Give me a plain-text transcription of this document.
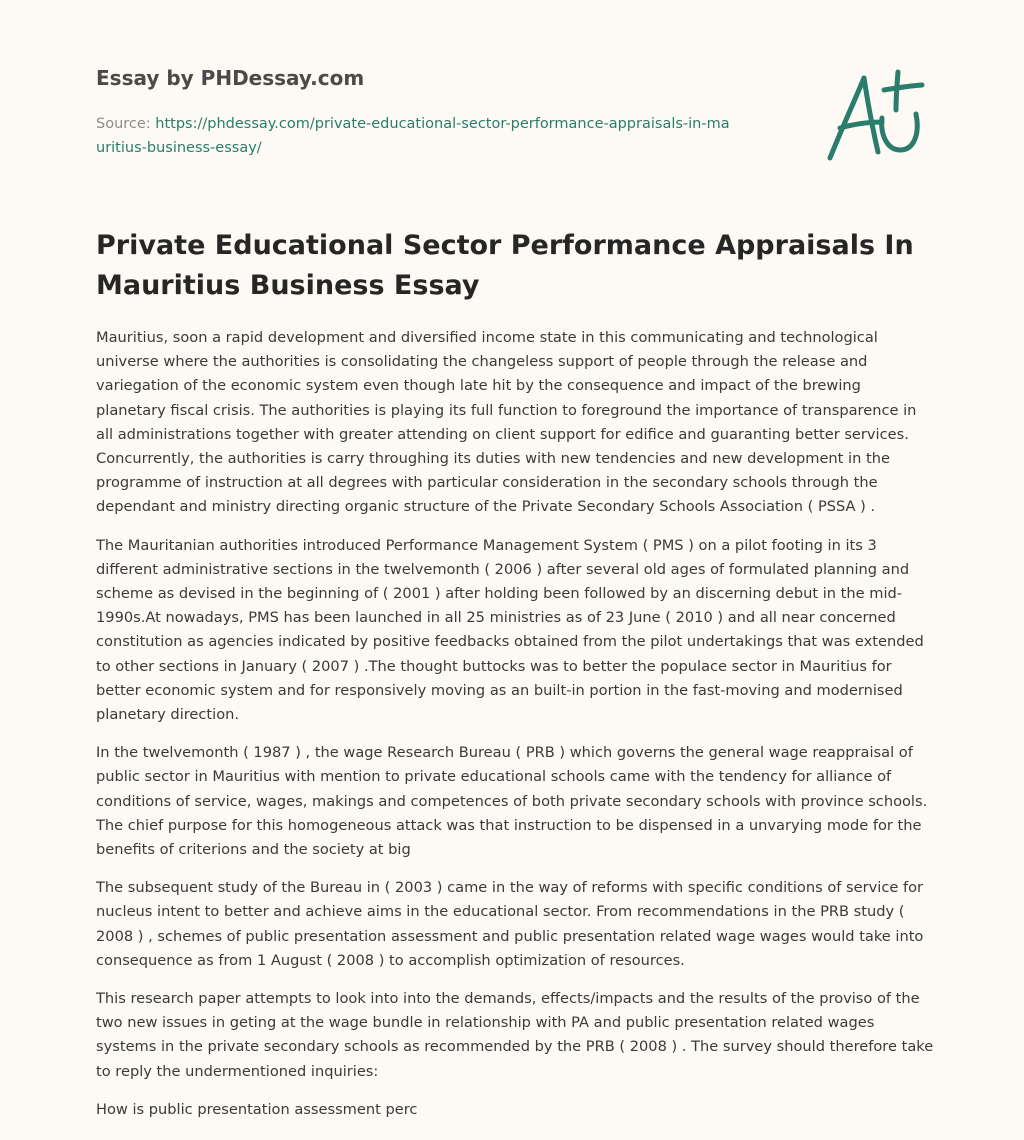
Essay by PHDessay.com
Source: https://phdessay.com/private-educational-sector-performance-appraisals-in-mauritius-business-essay/
Private Educational Sector Performance Appraisals In Mauritius Business Essay

Mauritius, soon a rapid development and diversified income state in this communicating and technological universe where the authorities is consolidating the changeless support of people through the release and variegation of the economic system even though late hit by the consequence and impact of the brewing planetary fiscal crisis. The authorities is playing its full function to foreground the importance of transparence in all administrations together with greater attending on client support for edifice and guaranting better services. Concurrently, the authorities is carry throughing its duties with new tendencies and new development in the programme of instruction at all degrees with particular consideration in the secondary schools through the dependant and ministry directing organic structure of the Private Secondary Schools Association ( PSSA ) .

The Mauritanian authorities introduced Performance Management System ( PMS ) on a pilot footing in its 3 different administrative sections in the twelvemonth ( 2006 ) after several old ages of formulated planning and scheme as devised in the beginning of ( 2001 ) after holding been followed by an discerning debut in the mid-1990s.At nowadays, PMS has been launched in all 25 ministries as of 23 June ( 2010 ) and all near concerned constitution as agencies indicated by positive feedbacks obtained from the pilot undertakings that was extended to other sections in January ( 2007 ) .The thought buttocks was to better the populace sector in Mauritius for better economic system and for responsively moving as an built-in portion in the fast-moving and modernised planetary direction.

In the twelvemonth ( 1987 ) , the wage Research Bureau ( PRB ) which governs the general wage reappraisal of public sector in Mauritius with mention to private educational schools came with the tendency for alliance of conditions of service, wages, makings and competences of both private secondary schools with province schools. The chief purpose for this homogeneous attack was that instruction to be dispensed in a unvarying mode for the benefits of criterions and the society at big

The subsequent study of the Bureau in ( 2003 ) came in the way of reforms with specific conditions of service for nucleus intent to better and achieve aims in the educational sector. From recommendations in the PRB study ( 2008 ) , schemes of public presentation assessment and public presentation related wage wages would take into consequence as from 1 August ( 2008 ) to accomplish optimization of resources.

This research paper attempts to look into into the demands, effects/impacts and the results of the proviso of the two new issues in geting at the wage bundle in relationship with PA and public presentation related wages systems in the private secondary schools as recommended by the PRB ( 2008 ) . The survey should therefore take to reply the undermentioned inquiries:

How is public presentation assessment perc
